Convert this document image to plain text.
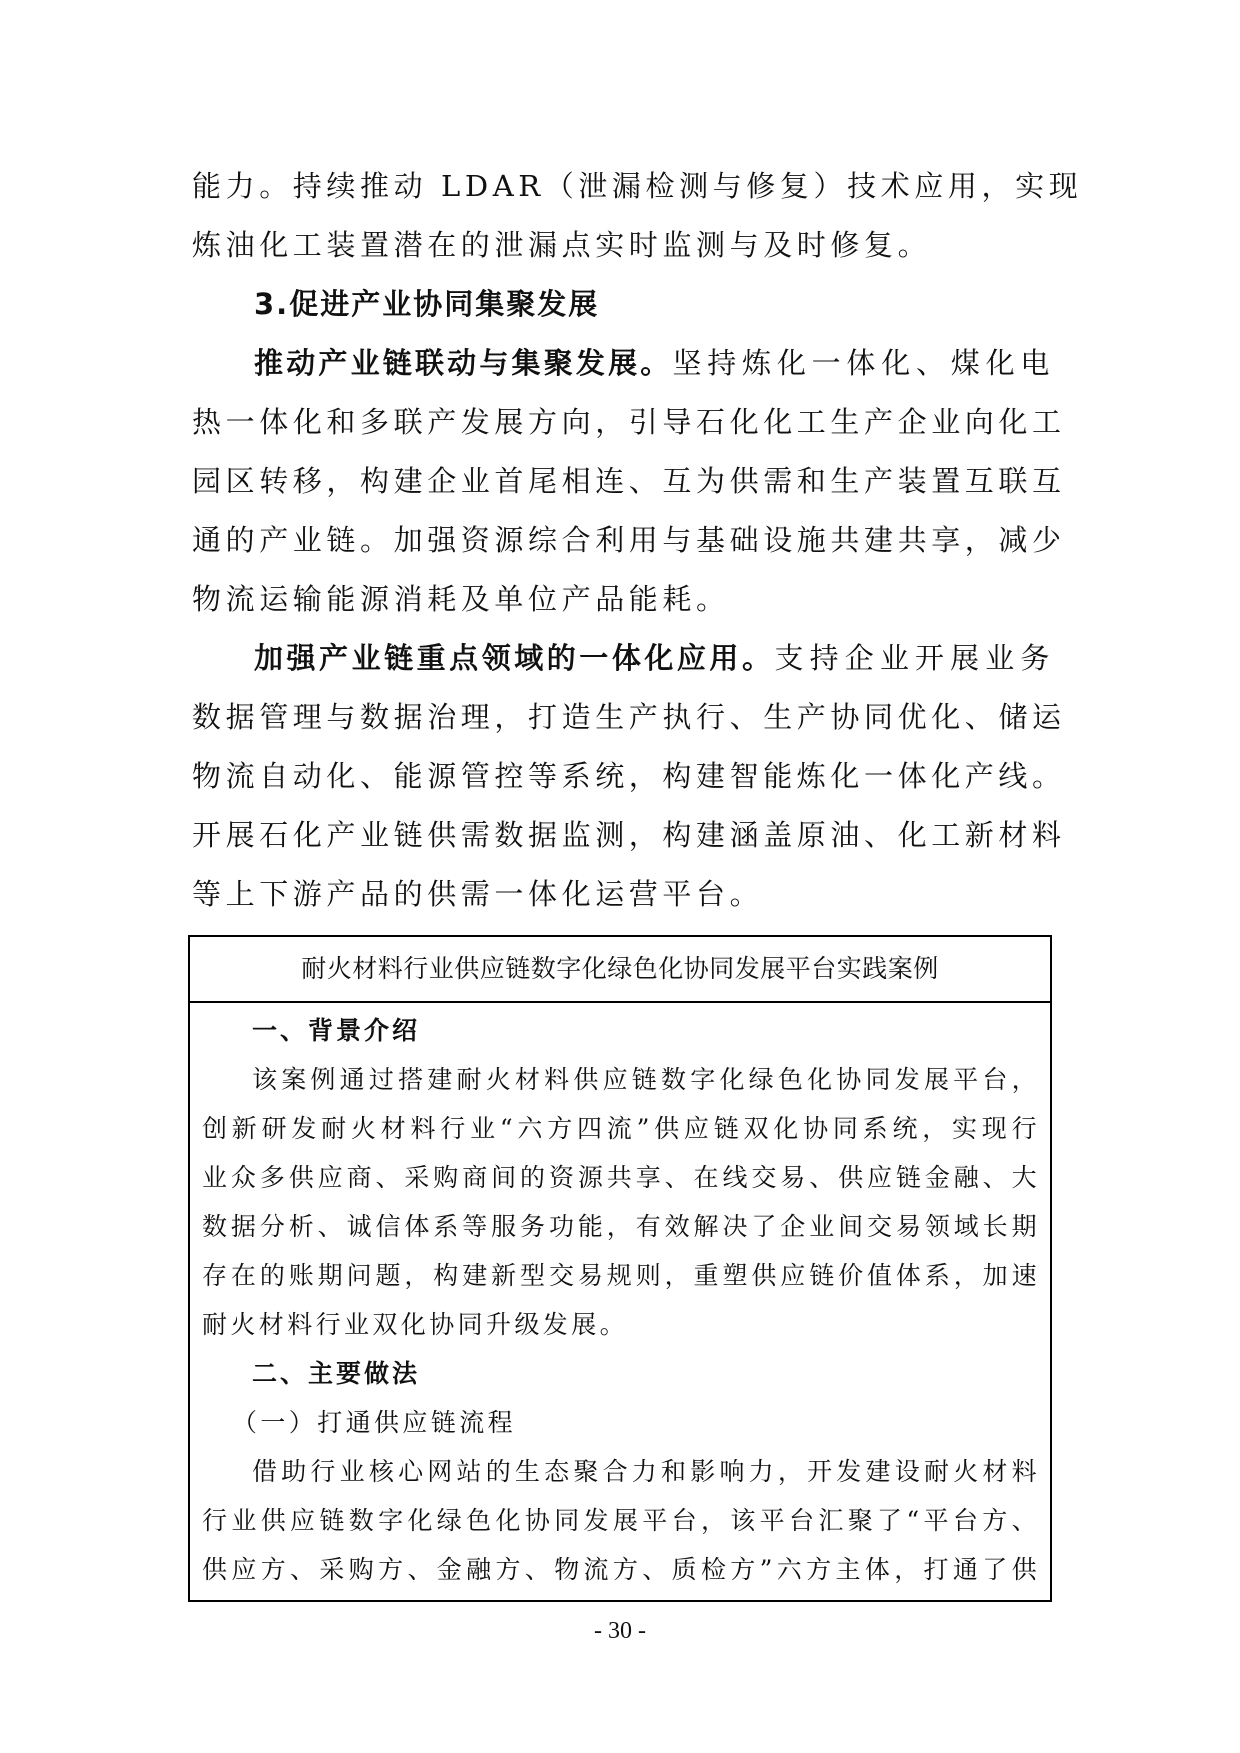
能力。持续推动 LDAR（泄漏检测与修复）技术应用，实现
炼油化工装置潜在的泄漏点实时监测与及时修复。
3.促进产业协同集聚发展
推动产业链联动与集聚发展。坚持炼化一体化、煤化电
热一体化和多联产发展方向，引导石化化工生产企业向化工
园区转移，构建企业首尾相连、互为供需和生产装置互联互
通的产业链。加强资源综合利用与基础设施共建共享，减少
物流运输能源消耗及单位产品能耗。
加强产业链重点领域的一体化应用。支持企业开展业务
数据管理与数据治理，打造生产执行、生产协同优化、储运
物流自动化、能源管控等系统，构建智能炼化一体化产线。
开展石化产业链供需数据监测，构建涵盖原油、化工新材料
等上下游产品的供需一体化运营平台。
耐火材料行业供应链数字化绿色化协同发展平台实践案例
一、背景介绍
该案例通过搭建耐火材料供应链数字化绿色化协同发展平台，
创新研发耐火材料行业“六方四流”供应链双化协同系统，实现行
业众多供应商、采购商间的资源共享、在线交易、供应链金融、大
数据分析、诚信体系等服务功能，有效解决了企业间交易领域长期
存在的账期问题，构建新型交易规则，重塑供应链价值体系，加速
耐火材料行业双化协同升级发展。
二、主要做法
（一）打通供应链流程
借助行业核心网站的生态聚合力和影响力，开发建设耐火材料
行业供应链数字化绿色化协同发展平台，该平台汇聚了“平台方、
供应方、采购方、金融方、物流方、质检方”六方主体，打通了供
- 30 -
